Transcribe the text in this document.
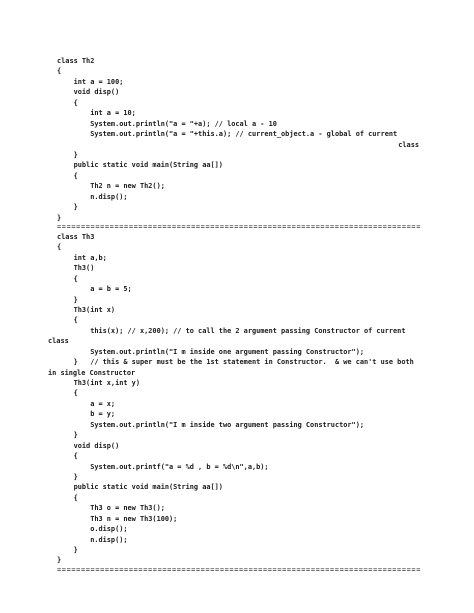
class Th2
{
int a = 100;
void disp()
{
int a = 10;
System.out.println("a = "+a); // local a - 10
System.out.println("a = "+this.a); // current_object.a - global of current
class
}
public static void main(String aa[])
{
Th2 n = new Th2();
n.disp();
}
}
============================================================================
class Th3
{
int a,b;
Th3()
{
a = b = 5;
}
Th3(int x)
{
this(x); // x,200); // to call the 2 argument passing Constructor of current
class
System.out.println("I m inside one argument passing Constructor");
}   // this & super must be the 1st statement in Constructor.  & we can't use both
in single Constructor
Th3(int x,int y)
{
a = x;
b = y;
System.out.println("I m inside two argument passing Constructor");
}
void disp()
{
System.out.printf("a = %d , b = %d\n",a,b);
}
public static void main(String aa[])
{
Th3 o = new Th3();
Th3 n = new Th3(100);
o.disp();
n.disp();
}
}
============================================================================
